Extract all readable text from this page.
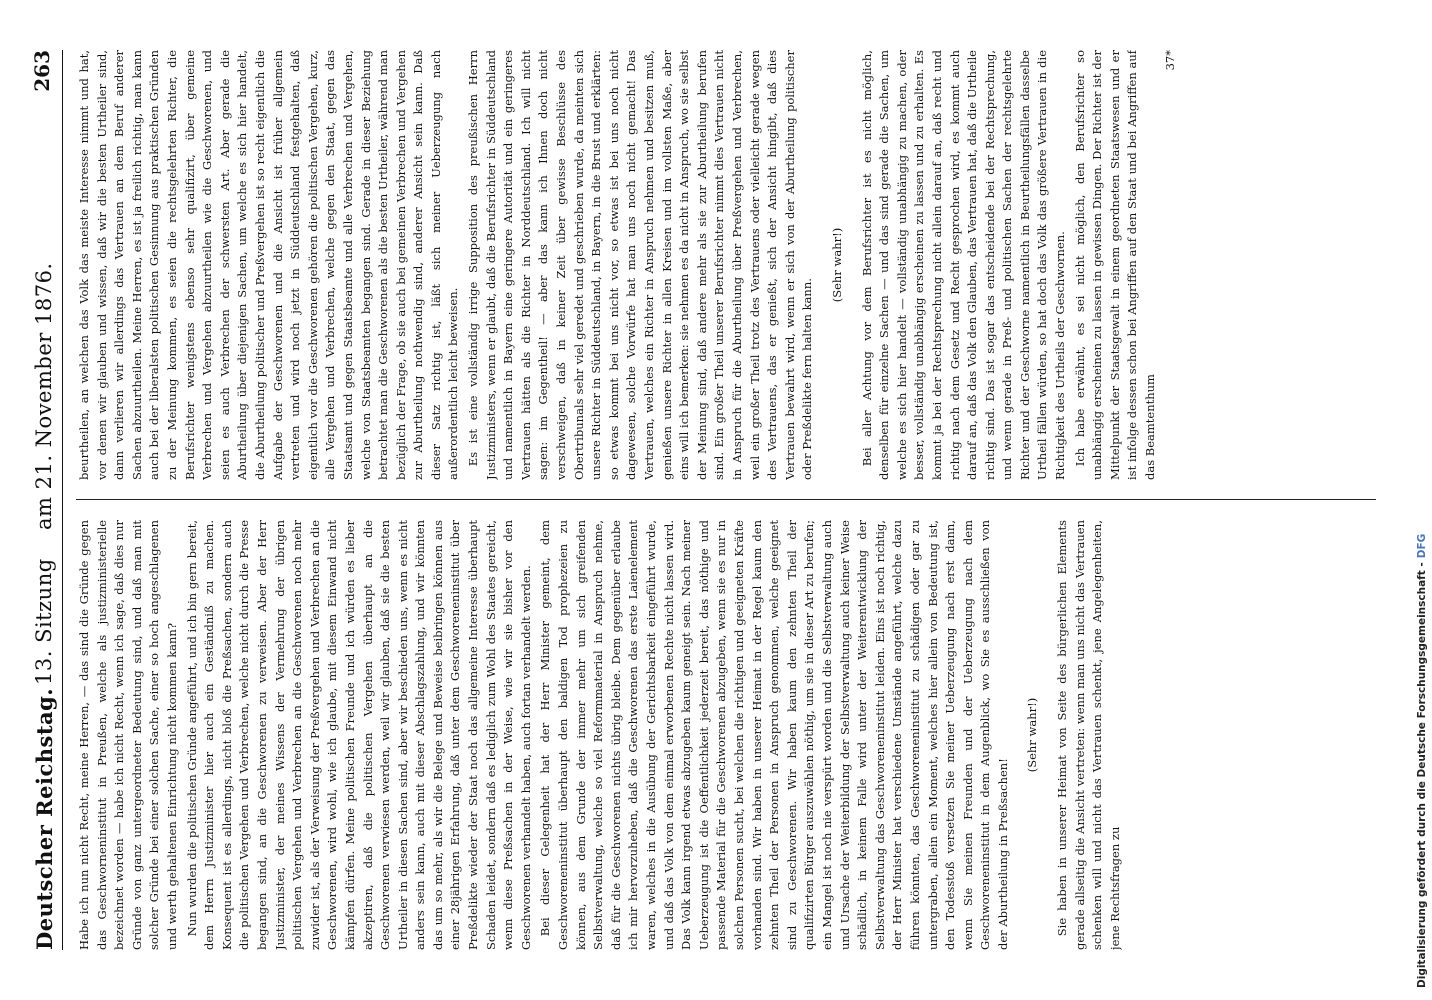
Deutscher Reichstag.
13. Sitzung
am 21. November 1876.
263

Habe ich nun nicht Recht, meine Herren, — das sind die Gründe gegen das Geschworneninstitut in Preußen, welche als justizministerielle bezeichnet worden — habe ich nicht Recht, wenn ich sage, daß dies nur Gründe von ganz untergeordneter Bedeutung sind, und daß man mit solcher Gründe bei einer solchen Sache, einer so hoch angeschlagenen und werth gehaltenen Einrichtung nicht kommen kann? Nun wurden die politischen Gründe angeführt, und ich bin gern bereit, dem Herrn Justizminister hier auch ein Geständniß zu machen. Konsequent ist es allerdings, nicht bloß die Preßsachen, sondern auch die politischen Vergehen und Verbrechen, welche nicht durch die Presse begangen sind, an die Geschworenen zu verweisen. Aber der Herr Justizminister, der meines Wissens der Vermehrung der übrigen politischen Vergehen und Verbrechen an die Geschworenen noch mehr zuwider ist, als der Verweisung der Preßvergehen und Verbrechen an die Geschworenen, wird wohl, wie ich glaube, mit diesem Einwand nicht kämpfen dürfen. Meine politischen Freunde und ich würden es lieber akzeptiren, daß die politischen Vergehen überhaupt an die Geschworenen verwiesen werden, weil wir glauben, daß sie die besten Urtheiler in diesen Sachen sind, aber wir beschieden uns, wenn es nicht anders sein kann, auch mit dieser Abschlagszahlung, und wir könnten das um so mehr, als wir die Belege und Beweise beibringen können aus einer 28jährigen Erfahrung, daß unter dem Geschworeneninstitut über Preßdelikte wieder der Staat noch das allgemeine Interesse überhaupt Schaden leidet, sondern daß es lediglich zum Wohl des Staates gereicht, wenn diese Preßsachen in der Weise, wie wir sie bisher vor den Geschworenen verhandelt haben, auch fortan verhandelt werden. Bei dieser Gelegenheit hat der Herr Minister gemeint, dem Geschworeneninstitut überhaupt den baldigen Tod prophezeien zu können, aus dem Grunde der immer mehr um sich greifenden Selbstverwaltung, welche so viel Reformmaterial in Anspruch nehme, daß für die Geschworenen nichts übrig bleibe. Dem gegenüber erlaube ich mir hervorzuheben, daß die Geschworenen das erste Laienelement waren, welches in die Ausübung der Gerichtsbarkeit eingeführt wurde, und daß das Volk von dem einmal erworbenen Rechte nicht lassen wird. Das Volk kann irgend etwas abzugeben kaum geneigt sein. Nach meiner Ueberzeugung ist die Oeffentlichkeit jederzeit bereit, das nöthige und passende Material für die Geschworenen abzugeben, wenn sie es nur in solchen Personen sucht, bei welchen die richtigen und geeigneten Kräfte vorhanden sind. Wir haben in unserer Heimat in der Regel kaum den zehnten Theil der Personen in Anspruch genommen, welche geeignet sind zu Geschworenen. Wir haben kaum den zehnten Theil der qualifizirten Bürger auszuwählen nöthig, um sie in dieser Art zu berufen; ein Mangel ist noch nie verspürt worden und die Selbstverwaltung auch und Ursache der Weiterbildung der Selbstverwaltung auch keiner Weise schädlich, in keinem Falle wird unter der Weiterentwicklung der Selbstverwaltung das Geschworeneninstitut leiden. Eins ist noch richtig, der Herr Minister hat verschiedene Umstände angeführt, welche dazu führen könnten, das Geschworeneninstitut zu schädigen oder gar zu untergraben, allein ein Moment, welches hier allein von Bedeutung ist, den Todesstoß versetzen Sie meiner Ueberzeugung nach erst dann, wenn Sie meinen Freunden und der Ueberzeugung nach dem Geschworeneninstitut in dem Augenblick, wo Sie es ausschließen von der Aburtheilung in Preßsachen!

(Sehr wahr!) Sie haben in unserer Heimat von Seite des bürgerlichen Elements gerade allseitig die Ansicht vertreten: wenn man uns nicht das Vertrauen schenken will und nicht das Vertrauen schenkt, jene Angelegenheiten, jene Rechtsfragen zu

beurtheilen, an welchen das Volk das meiste Interesse nimmt und hat, vor denen wir glauben und wissen, daß wir die besten Urtheiler sind, dann verlieren wir allerdings das Vertrauen an dem Beruf anderer Sachen abzuurtheilen. Meine Herren, es ist ja freilich richtig, man kann auch bei der liberalsten politischen Gesinnung aus praktischen Gründen zu der Meinung kommen, es seien die rechtsgelehrten Richter, die Berufsrichter wenigstens ebenso sehr qualifizirt, über gemeine Verbrechen und Vergehen abzuurtheilen wie die Geschworenen, und seien es auch Verbrechen der schwersten Art. Aber gerade die Aburtheilung über diejenigen Sachen, um welche es sich hier handelt, die Aburtheilung politischer und Preßvergehen ist so recht eigentlich die Aufgabe der Geschworenen und die Ansicht ist früher allgemein vertreten und wird noch jetzt in Süddeutschland festgehalten, daß eigentlich vor die Geschworenen gehören die politischen Vergehen, kurz, alle Vergehen und Verbrechen, welche gegen den Staat, gegen das Staatsamt und gegen Staatsbeamte und alle Verbrechen und Vergehen, welche von Staatsbeamten begangen sind. Gerade in dieser Beziehung betrachtet man die Geschworenen als die besten Urtheiler, während man bezüglich der Frage, ob sie auch bei gemeinen Verbrechen und Vergehen zur Aburtheilung nothwendig sind, anderer Ansicht sein kann. Daß dieser Satz richtig ist, läßt sich meiner Ueberzeugung nach außerordentlich leicht beweisen. Es ist eine vollständig irrige Supposition des preußischen Herrn Justizministers, wenn er glaubt, daß die Berufsrichter in Süddeutschland und namentlich in Bayern eine geringere Autorität und ein geringeres Vertrauen hätten als die Richter in Norddeutschland. Ich will nicht sagen: im Gegentheil! — aber das kann ich Ihnen doch nicht verschweigen, daß in keiner Zeit über gewisse Beschlüsse des Obertribunals sehr viel geredet und geschrieben wurde, da meinten sich unsere Richter in Süddeutschland, in Bayern, in die Brust und erklärten: so etwas kommt bei uns nicht vor, so etwas ist bei uns noch nicht dagewesen, solche Vorwürfe hat man uns noch nicht gemacht! Das Vertrauen, welches ein Richter in Anspruch nehmen und besitzen muß, genießen unsere Richter in allen Kreisen und im vollsten Maße, aber eins will ich bemerken: sie nehmen es da nicht in Anspruch, wo sie selbst der Meinung sind, daß andere mehr als sie zur Aburtheilung berufen sind. Ein großer Theil unserer Berufsrichter nimmt dies Vertrauen nicht in Anspruch für die Aburtheilung über Preßvergehen und Verbrechen, weil ein großer Theil trotz des Vertrauens oder vielleicht gerade wegen des Vertrauens, das er genießt, sich der Ansicht hingibt, daß dies Vertrauen bewahrt wird, wenn er sich von der Aburtheilung politischer oder Preßdelikte fern halten kann.

(Sehr wahr!) Bei aller Achtung vor dem Berufsrichter ist es nicht möglich, denselben für einzelne Sachen — und das sind gerade die Sachen, um welche es sich hier handelt — vollständig unabhängig zu machen, oder besser, vollständig unabhängig erscheinen zu lassen und zu erhalten. Es kommt ja bei der Rechtsprechung nicht allein darauf an, daß recht und richtig nach dem Gesetz und Recht gesprochen wird, es kommt auch darauf an, daß das Volk den Glauben, das Vertrauen hat, daß die Urtheile richtig sind. Das ist sogar das entscheidende bei der Rechtsprechung, und wenn gerade in Preß- und politischen Sachen der rechtsgelehrte Richter und der Geschworne namentlich in Beurtheilungsfällen dasselbe Urtheil fällen würden, so hat doch das Volk das größere Vertrauen in die Richtigkeit des Urtheils der Geschwornen. Ich habe erwähnt, es sei nicht möglich, den Berufsrichter so unabhängig erscheinen zu lassen in gewissen Dingen. Der Richter ist der Mittelpunkt der Staatsgewalt in einem geordneten Staatswesen und er ist infolge dessen schon bei Angriffen auf den Staat und bei Angriffen auf das Beamtenthum

37*

Digitalisierung gefördert durch die Deutsche Forschungsgemeinschaft -DFG
